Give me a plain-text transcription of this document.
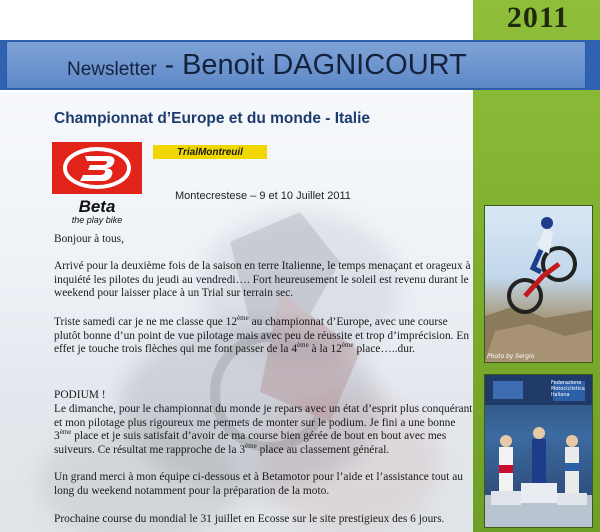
2011
Newsletter - Benoit DAGNICOURT
Championnat d’Europe et du monde - Italie
Beta
the play bike
TrialMontreuil
Montecrestese – 9 et 10 Juillet 2011
Bonjour à tous,
Arrivé pour la deuxième fois de la saison en terre Italienne, le temps menaçant et orageux à inquiété les pilotes du jeudi au vendredi…. Fort heureusement le soleil est revenu durant le weekend pour laisser place à un Trial sur terrain sec.
Triste samedi car je ne me classe que 12ème au championnat d’Europe, avec une course plutôt bonne d’un point de vue pilotage mais avec peu de réussite et trop d’imprécision. En effet je touche trois flèches qui me font passer de la 4ème à la 12ème place…..dur.
PODIUM !
Le dimanche, pour le championnat du monde je repars avec un état d’esprit plus conquérant et mon pilotage plus rigoureux me permets de monter sur le podium. Je fini a une bonne 3ème place et je suis satisfait d’avoir de ma course bien gérée de bout en bout avec mes suiveurs. Ce résultat me rapproche de la 3ème place au classement général.
Un grand merci à mon équipe ci-dessous et à Betamotor pour l’aide et l’assistance tout au long du weekend notamment pour la préparation de la moto.
Prochaine course du mondial le 31 juillet en Ecosse sur le site prestigieux des 6 jours.
Photo by Sergio
Federazione Motociclistica Italiana
